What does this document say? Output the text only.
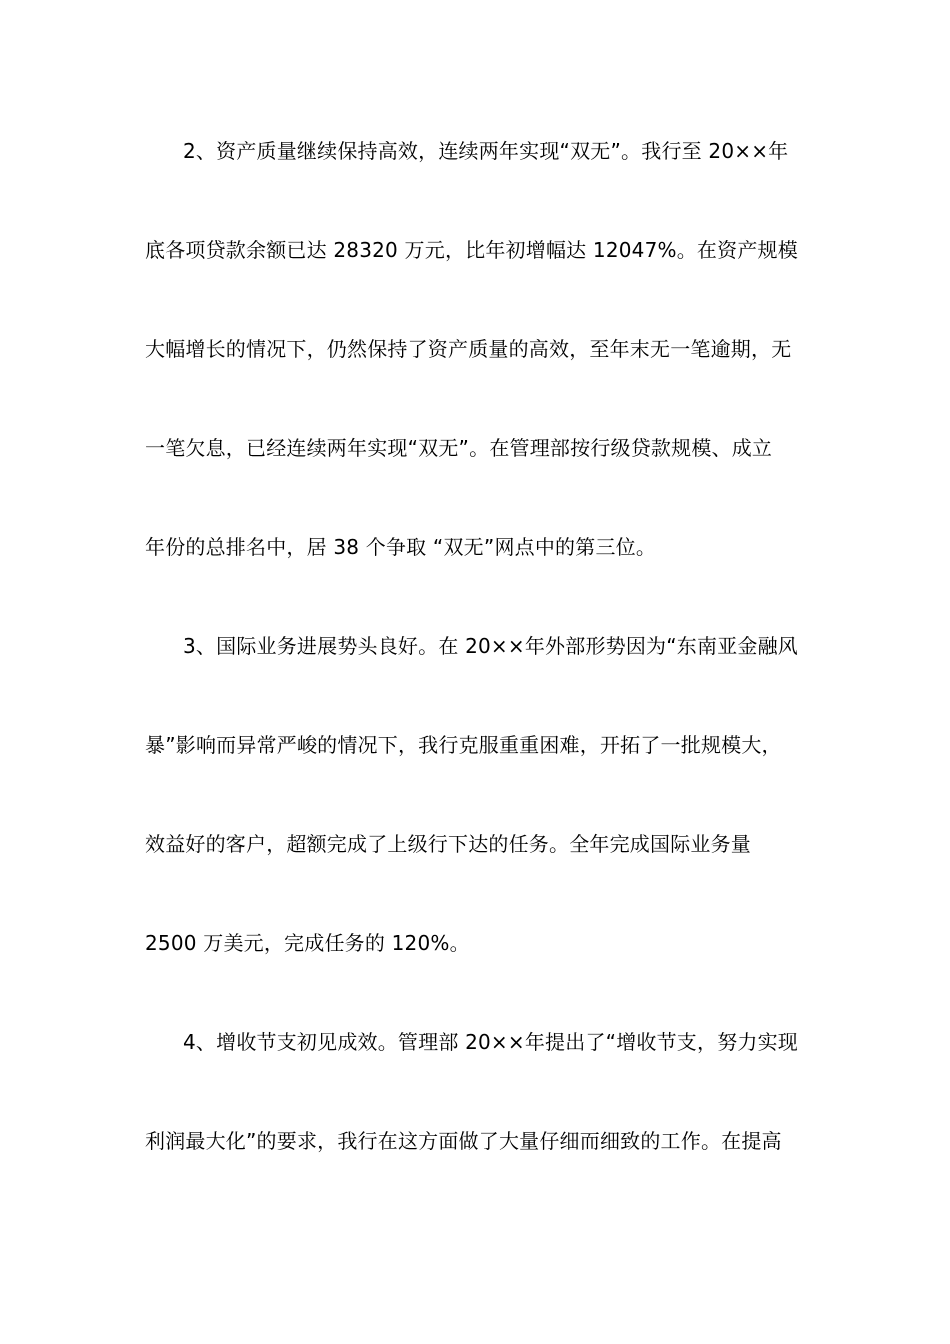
2、资产质量继续保持高效，连续两年实现“双无”。我行至 20××年
底各项贷款余额已达 28320 万元，比年初增幅达 12047%。在资产规模
大幅增长的情况下，仍然保持了资产质量的高效，至年末无一笔逾期，无
一笔欠息，已经连续两年实现“双无”。在管理部按行级贷款规模、成立
年份的总排名中，居 38 个争取 “双无”网点中的第三位。
3、国际业务进展势头良好。在 20××年外部形势因为“东南亚金融风
暴”影响而异常严峻的情况下，我行克服重重困难，开拓了一批规模大，
效益好的客户，超额完成了上级行下达的任务。全年完成国际业务量
2500 万美元，完成任务的 120%。
4、增收节支初见成效。管理部 20××年提出了“增收节支，努力实现
利润最大化”的要求，我行在这方面做了大量仔细而细致的工作。在提高
